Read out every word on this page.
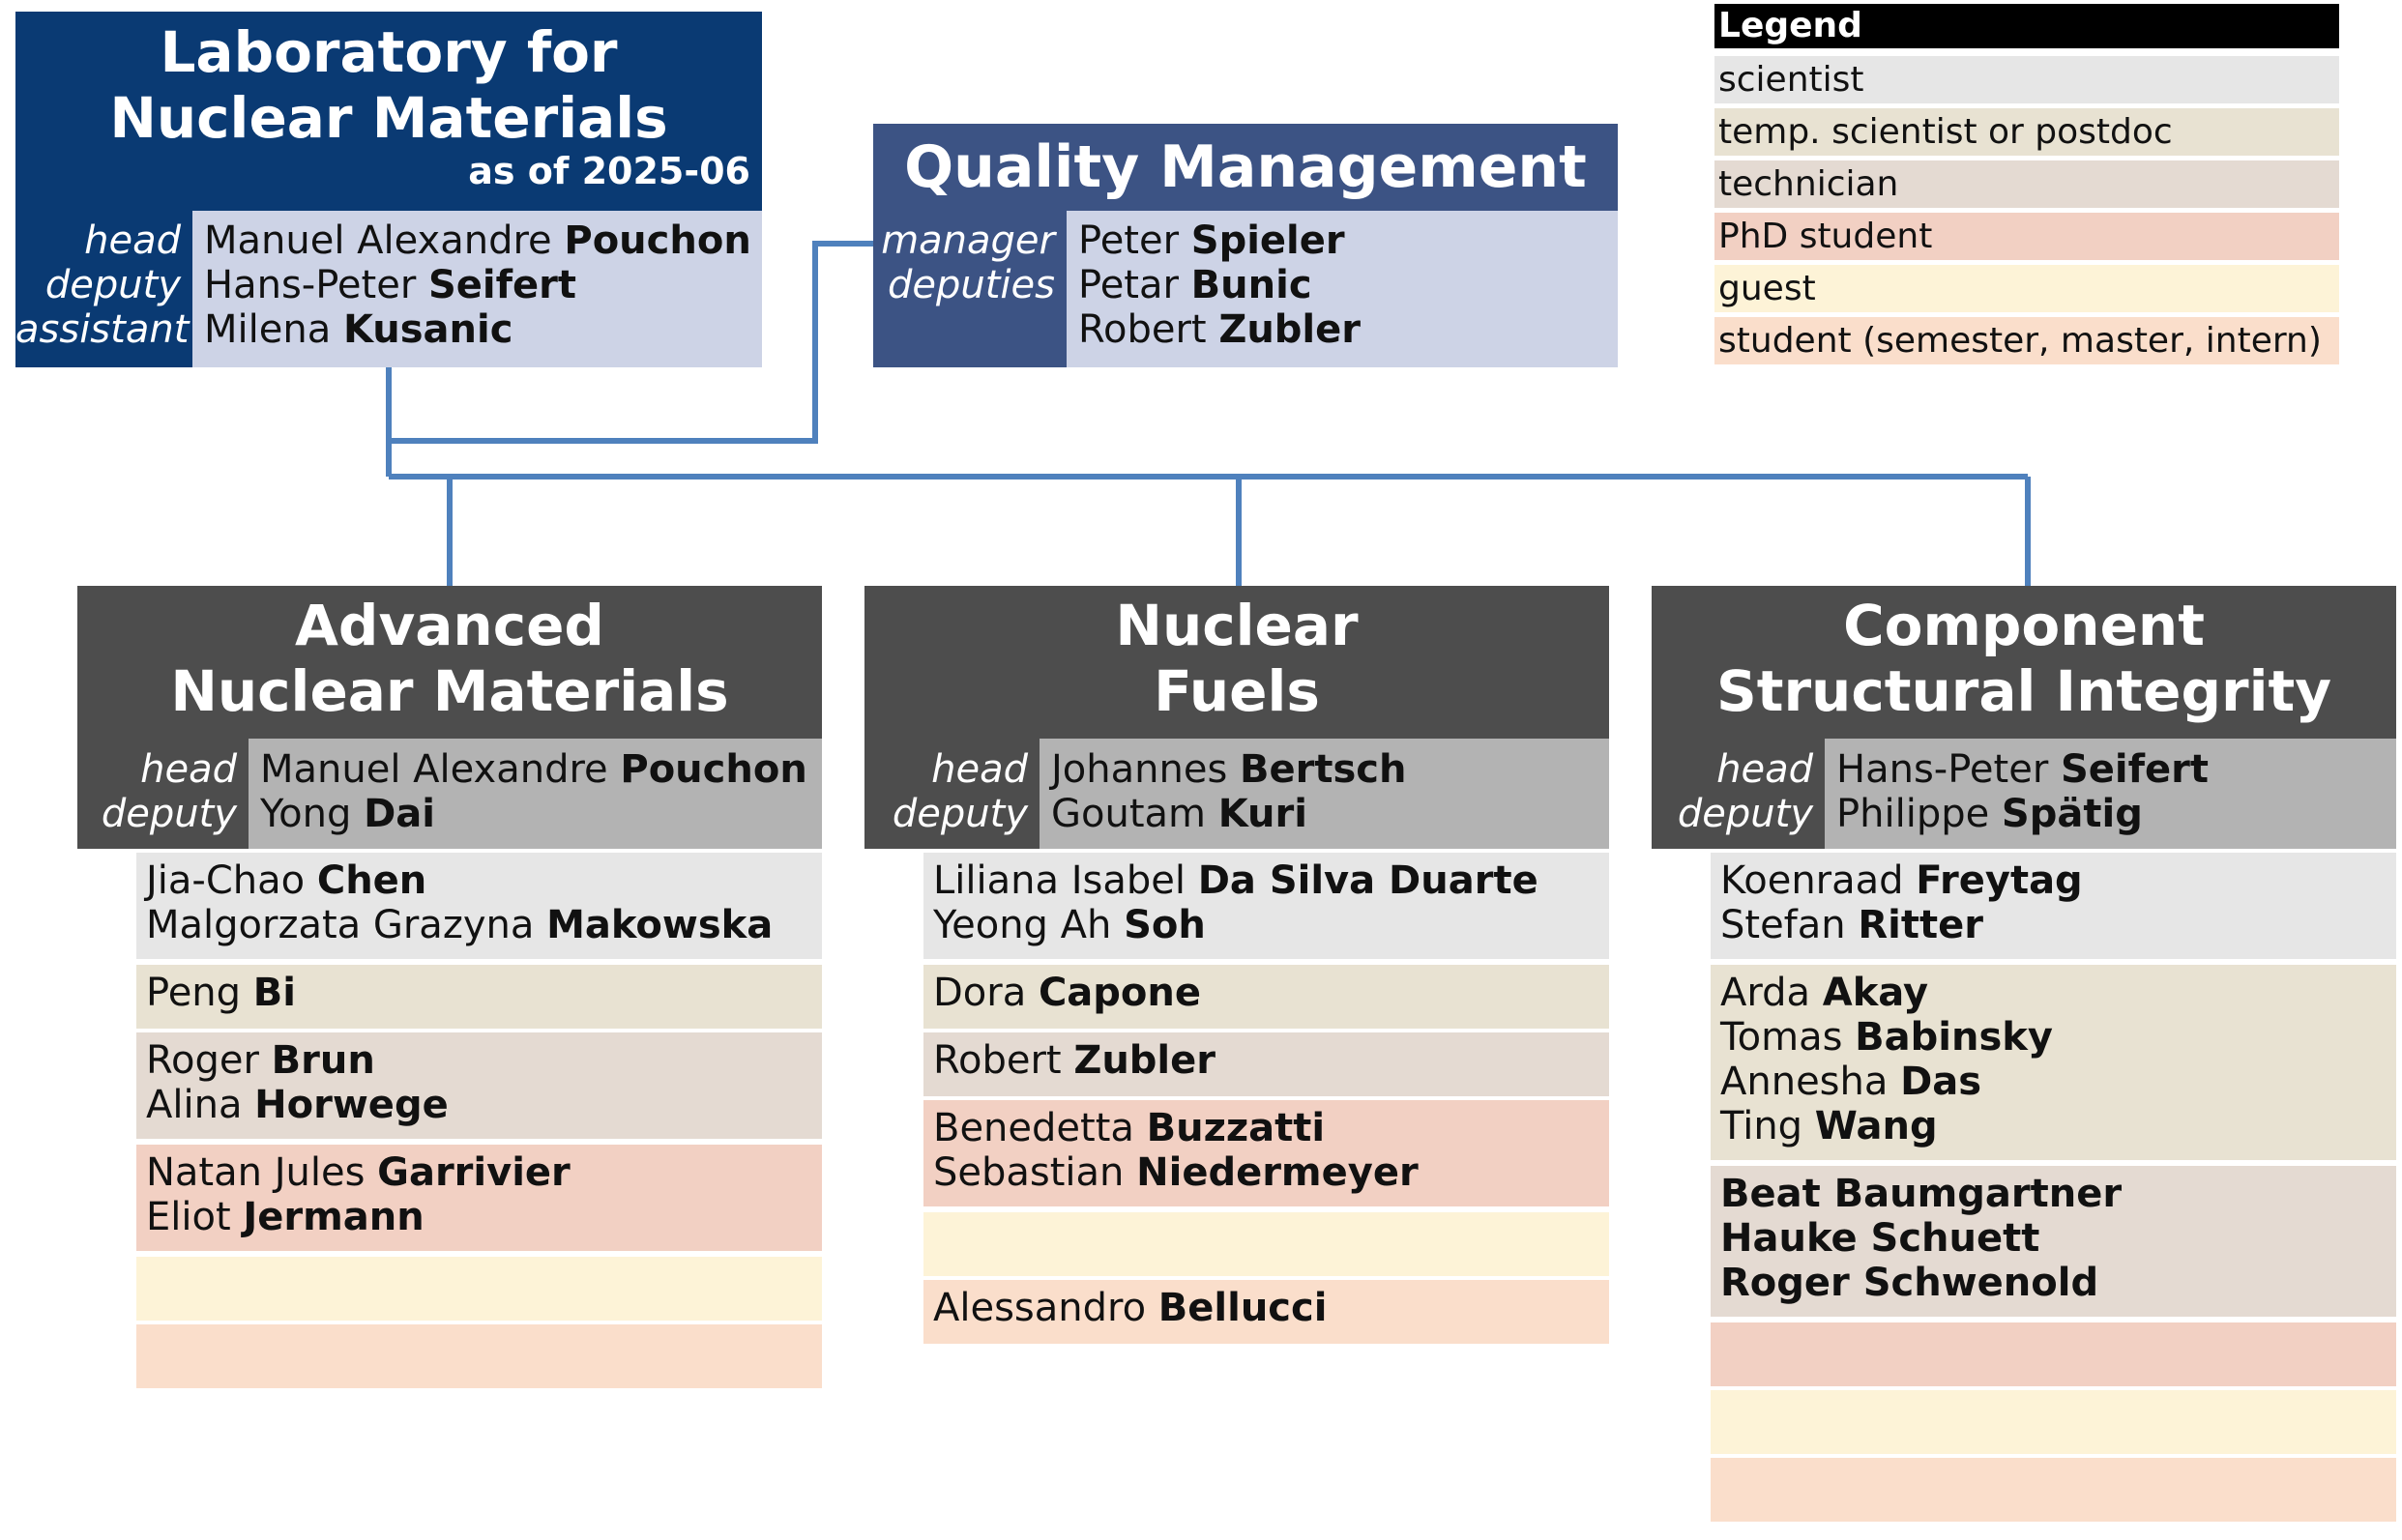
Laboratory for
Nuclear Materials
as of 2025-06
head Manuel Alexandre Pouchon
deputy Hans-Peter Seifert
assistant Milena Kusanic
Quality Management
manager Peter Spieler
deputies Petar Bunic
Robert Zubler
Legend
scientist
temp. scientist or postdoc
technician
PhD student
guest
student (semester, master, intern)
Advanced
Nuclear Materials
head Manuel Alexandre Pouchon
deputy Yong Dai
Jia-Chao Chen
Malgorzata Grazyna Makowska
Peng Bi
Roger Brun
Alina Horwege
Natan Jules Garrivier
Eliot Jermann
Nuclear
Fuels
head Johannes Bertsch
deputy Goutam Kuri
Liliana Isabel Da Silva Duarte
Yeong Ah Soh
Dora Capone
Robert Zubler
Benedetta Buzzatti
Sebastian Niedermeyer
Alessandro Bellucci
Component
Structural Integrity
head Hans-Peter Seifert
deputy Philippe Spätig
Koenraad Freytag
Stefan Ritter
Arda Akay
Tomas Babinsky
Annesha Das
Ting Wang
Beat Baumgartner
Hauke Schuett
Roger Schwenold
